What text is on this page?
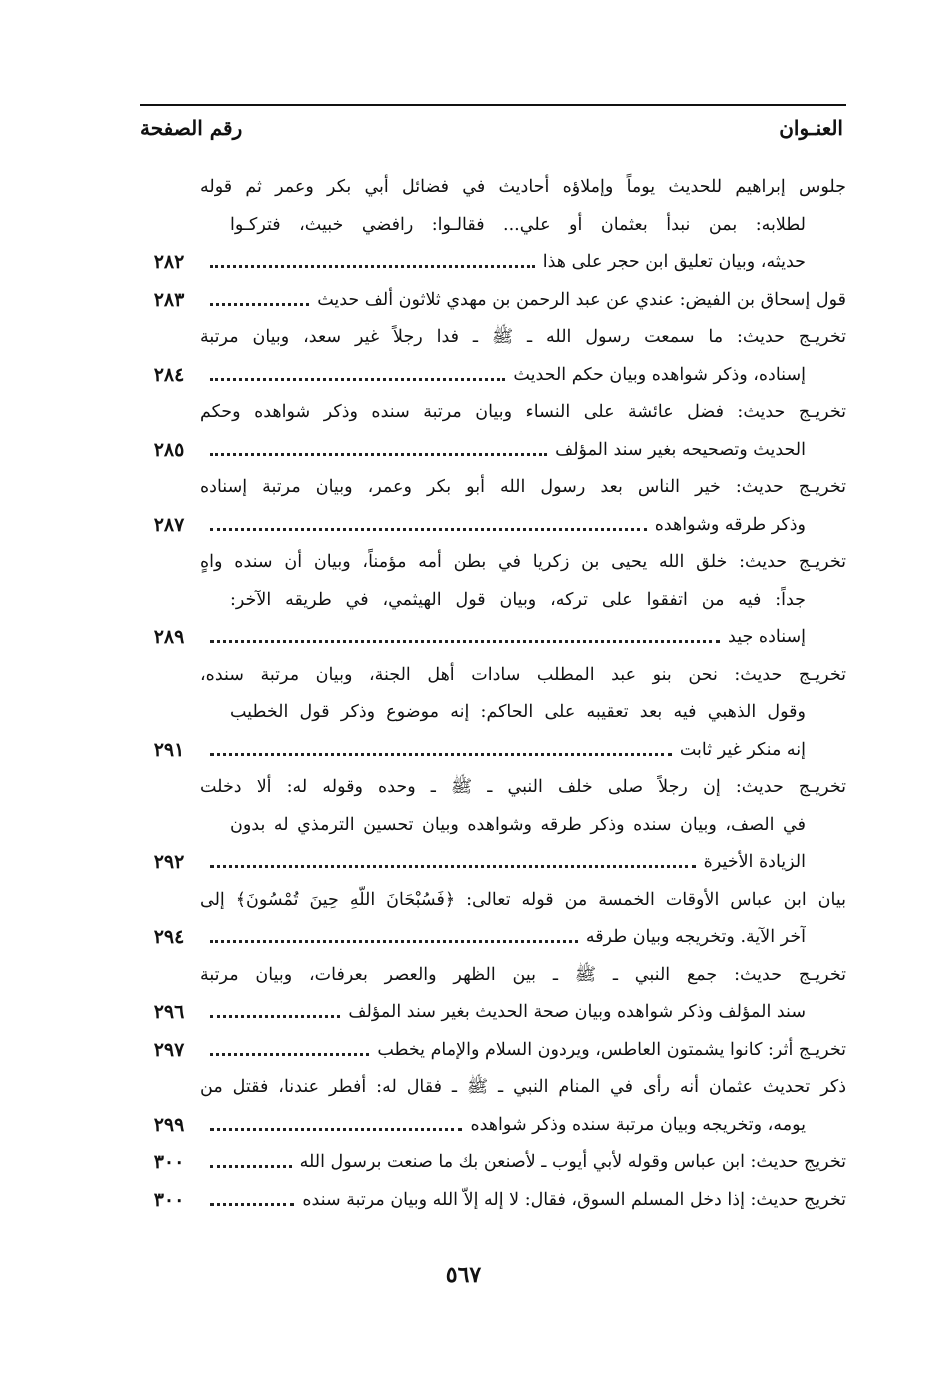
العنـوان
رقم الصفحة
جلوس إبراهيم للحديث يوماً وإملاؤه أحاديث في فضائل أبي بكر وعمر ثم قوله
لطلابه: بمن نبدأ بعثمان أو علي... فقالـوا: رافضي خبيث، فتركـوا
حديثه، وبيان تعليق ابن حجر على هذا
٢٨٢
قول إسحاق بن الفيض: عندي عن عبد الرحمن بن مهدي ثلاثون ألف حديث
٢٨٣
تخريـج حديث: ما سمعت رسول الله ـ ﷺ ـ فدا رجلاً غير سعد، وبيان مرتبة
إسناده، وذكر شواهده وبيان حكم الحديث
٢٨٤
تخريـج حديث: فضل عائشة على النساء وبيان مرتبة سنده وذكر شواهده وحكم
الحديث وتصحيحه بغير سند المؤلف
٢٨٥
تخريـج حديث: خير الناس بعد رسول الله أبو بكر وعمر، وبيان مرتبة إسناده
وذكر طرقه وشواهده
٢٨٧
تخريـج حديث: خلق الله يحيى بن زكريا في بطن أمه مؤمناً، وبيان أن سنده واهٍ
جداً: فيه من اتفقوا على تركه، وبيان قول الهيثمي، في طريقه الآخر:
إسناده جيد
٢٨٩
تخريـج حديث: نحن بنو عبد المطلب سادات أهل الجنة، وبيان مرتبة سنده،
وقول الذهبي فيه بعد تعقيبه على الحاكم: إنه موضوع وذكر قول الخطيب
إنه منكر غير ثابت
٢٩١
تخريـج حديث: إن رجلاً صلى خلف النبي ـ ﷺ ـ وحده وقوله له: ألا دخلت
في الصف، وبيان سنده وذكر طرقه وشواهده وبيان تحسين الترمذي له بدون
الزيادة الأخيرة
٢٩٢
بيان ابن عباس الأوقات الخمسة من قوله تعالى: ﴿فَسُبْحَانَ اللَّهِ حِينَ تُمْسُونَ﴾ إلى
آخر الآية. وتخريجه وبيان طرقه
٢٩٤
تخريـج حديث: جمع النبي ـ ﷺ ـ بين الظهر والعصر بعرفات، وبيان مرتبة
سند المؤلف وذكر شواهده وبيان صحة الحديث بغير سند المؤلف
٢٩٦
تخريـج أثر: كانوا يشمتون العاطس، ويردون السلام والإمام يخطب
٢٩٧
ذكر تحديث عثمان أنه رأى في المنام النبي ـ ﷺ ـ فقال له: أفطر عندنا، فقتل من
يومه، وتخريجه وبيان مرتبة سنده وذكر شواهده
٢٩٩
تخريج حديث: ابن عباس وقوله لأبي أيوب ـ لأصنعن بك ما صنعت برسول الله
٣٠٠
تخريج حديث: إذا دخل المسلم السوق، فقال: لا إله إلاّ الله وبيان مرتبة سنده
٣٠٠
٥٦٧
